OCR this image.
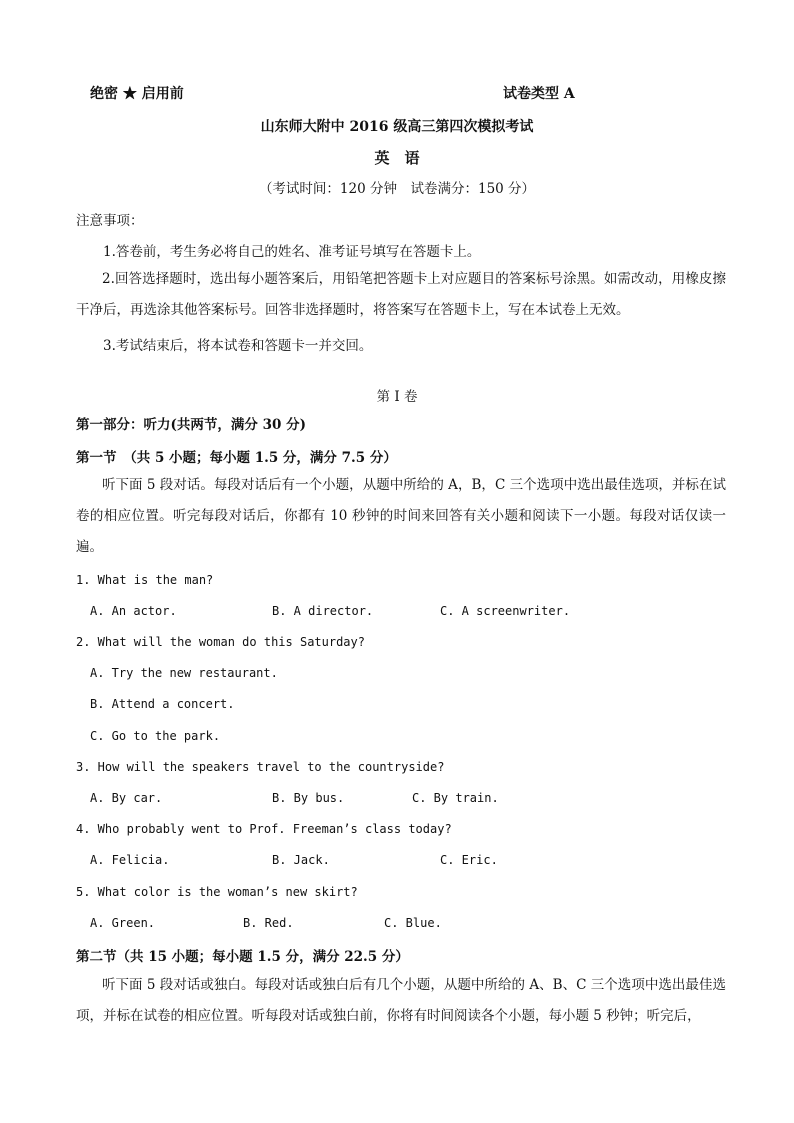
绝密 ★ 启用前	试卷类型 A
山东师大附中 2016 级高三第四次模拟考试
英　语
（考试时间：120 分钟　试卷满分：150 分）
注意事项：
1.答卷前，考生务必将自己的姓名、准考证号填写在答题卡上。
2.回答选择题时，选出每小题答案后，用铅笔把答题卡上对应题目的答案标号涂黑。如需改动，用橡皮擦干净后，再选涂其他答案标号。回答非选择题时，将答案写在答题卡上，写在本试卷上无效。
3.考试结束后，将本试卷和答题卡一并交回。
第 I 卷
第一部分：听力(共两节，满分 30 分)
第一节　（共 5 小题；每小题 1.5 分，满分 7.5 分）
听下面 5 段对话。每段对话后有一个小题，从题中所给的 A，B，C 三个选项中选出最佳选项，并标在试卷的相应位置。听完每段对话后，你都有 10 秒钟的时间来回答有关小题和阅读下一小题。每段对话仅读一遍。
1. What is the man?
A. An actor.	B. A director.	C. A screenwriter.
2. What will the woman do this Saturday?
A. Try the new restaurant.
B. Attend a concert.
C. Go to the park.
3. How will the speakers travel to the countryside?
A. By car.	B. By bus.	C. By train.
4. Who probably went to Prof. Freeman’s class today?
A. Felicia.	B. Jack.	C. Eric.
5. What color is the woman’s new skirt?
A. Green.	B. Red.	C. Blue.
第二节（共 15 小题；每小题 1.5 分，满分 22.5 分）
听下面 5 段对话或独白。每段对话或独白后有几个小题，从题中所给的 A、B、C 三个选项中选出最佳选项，并标在试卷的相应位置。听每段对话或独白前，你将有时间阅读各个小题，每小题 5 秒钟；听完后，
